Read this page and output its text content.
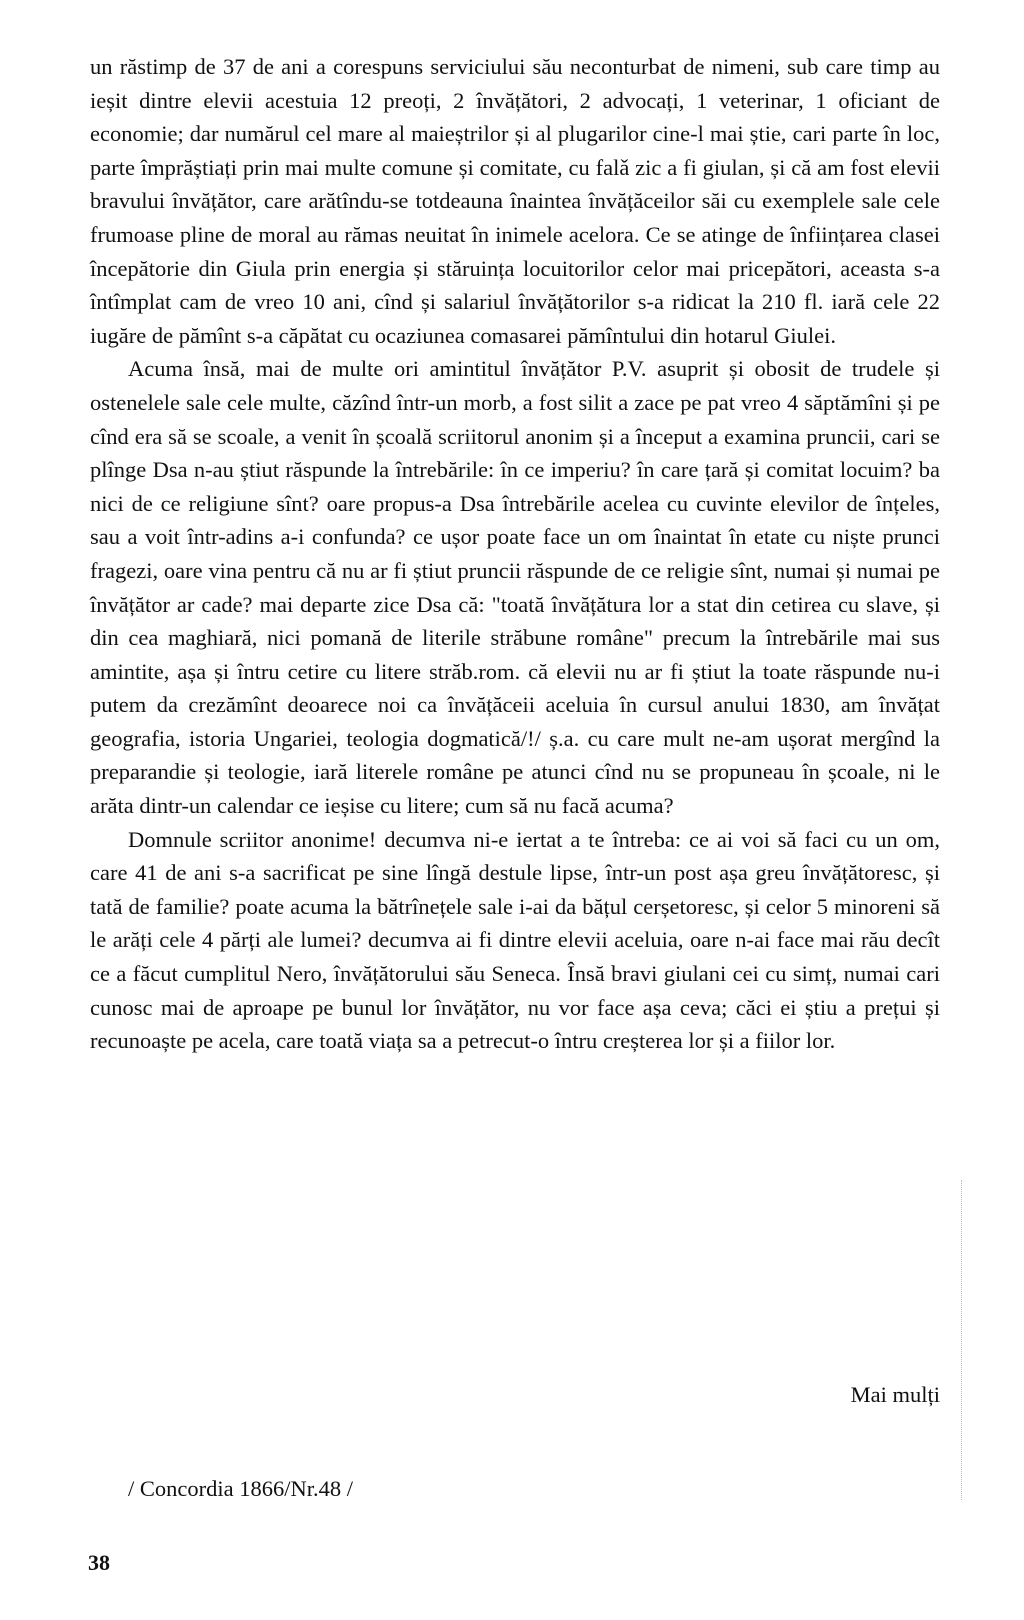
un răstimp de 37 de ani a corespuns serviciului său neconturbat de nimeni, sub care timp au ieșit dintre elevii acestuia 12 preoți, 2 învățători, 2 advocați, 1 veterinar, 1 oficiant de economie; dar numărul cel mare al maieștrilor și al plugarilor cine-l mai știe, cari parte în loc, parte împrăștiați prin mai multe comune și comitate, cu falǎ zic a fi giulan, și că am fost elevii bravului învățător, care arătîndu-se totdeauna înaintea învățăceilor săi cu exemplele sale cele frumoase pline de moral au rămas neuitat în inimele acelora. Ce se atinge de înființarea clasei începătorie din Giula prin energia și stăruința locuitorilor celor mai pricepători, aceasta s-a întîmplat cam de vreo 10 ani, cînd și salariul învățătorilor s-a ridicat la 210 fl. iară cele 22 iugăre de pămînt s-a căpătat cu ocaziunea comasarei pămîntului din hotarul Giulei.

Acuma însă, mai de multe ori amintitul învățător P.V. asuprit și obosit de trudele și ostenelele sale cele multe, căzînd într-un morb, a fost silit a zace pe pat vreo 4 săptămîni și pe cînd era să se scoale, a venit în școală scriitorul anonim și a început a examina pruncii, cari se plînge Dsa n-au știut răspunde la întrebările: în ce imperiu? în care țară și comitat locuim? ba nici de ce religiune sînt? oare propus-a Dsa întrebările acelea cu cuvinte elevilor de înțeles, sau a voit într-adins a-i confunda? ce ușor poate face un om înaintat în etate cu niște prunci fragezi, oare vina pentru că nu ar fi știut pruncii răspunde de ce religie sînt, numai și numai pe învățător ar cade? mai departe zice Dsa că: "toată învățătura lor a stat din cetirea cu slave, și din cea maghiară, nici pomană de literile străbune române" precum la întrebările mai sus amintite, așa și întru cetire cu litere străb.rom. că elevii nu ar fi știut la toate răspunde nu-i putem da crezămînt deoarece noi ca învățăceii aceluia în cursul anului 1830, am învățat geografia, istoria Ungariei, teologia dogmatică/!/ ș.a. cu care mult ne-am ușorat mergînd la preparandie și teologie, iară literele române pe atunci cînd nu se propuneau în școale, ni le arăta dintr-un calendar ce ieșise cu litere; cum să nu facă acuma?

Domnule scriitor anonime! decumva ni-e iertat a te întreba: ce ai voi să faci cu un om, care 41 de ani s-a sacrificat pe sine lîngă destule lipse, într-un post așa greu învățătoresc, și tată de familie? poate acuma la bătrînețele sale i-ai da bățul cerșetoresc, și celor 5 minoreni să le arăți cele 4 părți ale lumei? decumva ai fi dintre elevii aceluia, oare n-ai face mai rău decît ce a făcut cumplitul Nero, învățătorului său Seneca. Însă bravi giulani cei cu simț, numai cari cunosc mai de aproape pe bunul lor învățător, nu vor face așa ceva; căci ei știu a prețui și recunoaște pe acela, care toată viața sa a petrecut-o întru creșterea lor și a fiilor lor.

Mai mulți
/ Concordia 1866/Nr.48 /
38
